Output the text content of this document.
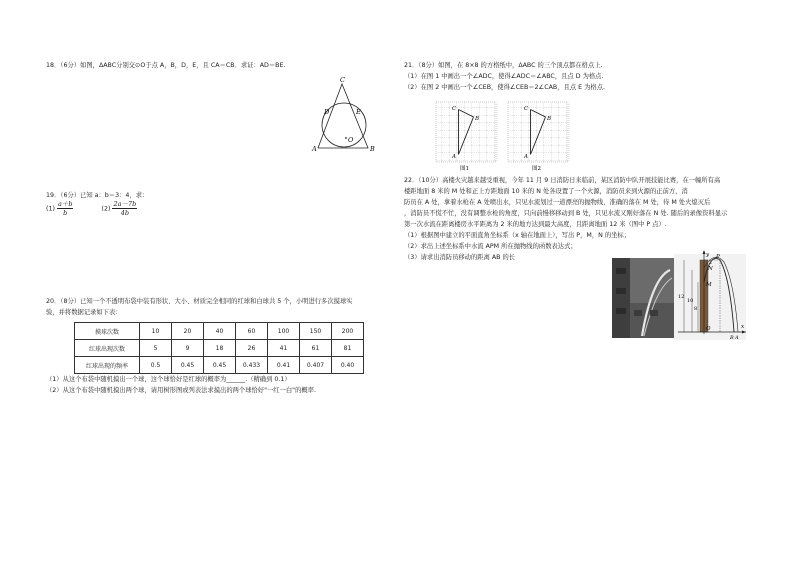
18．（6分）如图，ΔABC分别交⊙O于点 A，B，D，E，且 CA＝CB．求证：AD＝BE.

C
D	E
A	B
O

19．（6分）已知 a：b＝3：4，求：

$(1) \frac{a+b}{b}$	$(2) \frac{2a-7b}{4b}$

20．（8分）已知一个不透明布袋中装有形状、大小、材质完全相同的红球和白球共 5 个，小明进行多次摸球实

验，并将数据记录如下表：

摸球次数	10	20	40	60	100	150	200
红球出现次数	5	9	18	26	41	61	81
红球出现的频率	0.5	0.45	0.45	0.433	0.41	0.407	0.40

（1）从这个布袋中随机摸出一个球，这个球恰好是红球的概率为______.（精确到 0.1）

（2）从这个布袋中随机摸出两个球，请用树形图或列表法求摸出的两个球恰好"一红一白"的概率.

21．（8分）如图，在 8×8 的方格纸中，ΔABC 的三个顶点都在格点上.

（1）在图 1 中画出一个∠ADC，使得∠ADC＝∠ABC，且点 D 为格点.

（2）在图 2 中画出一个∠CEB，使得∠CEB＝2∠CAB，且点 E 为格点.

C
B
A
图1
C
B
A
图2

22．（10分）高楼火灾越来越受重视，今年 11 月 9 日消防日来临前，某区消防中队开展技能比赛，在一幢所有高

楼距地面 8 米的 M 处和正上方距地面 10 米的 N 处各设置了一个火源，消防员来到火源的正前方，消

防员在 A 处，拿着水枪在 A 处喷出水，只见水流划过一道漂亮的抛物线，准确的落在 M 处，待 M 处火熄灭后

，消防员不慌不忙，没有调整水枪的角度，只向前慢移移动到 B 处，只见水流又刚好落在 N 处. 随后的录像资料显示

第一次水流在距离楼房水平距离为 2 米的地方达到最大高度，且距离地面 12 米（图中 P 点）.

（1）根据图中建立的平面直角坐标系（x 轴在地面上），写出 P，M，N 的坐标；

（2）求出上述坐标系中水流 APM 所在抛物线的函数表达式；

（3）请求出消防员移动的距离 AB 的长	y P
N
M
O	x
B A
12
10
8
2
